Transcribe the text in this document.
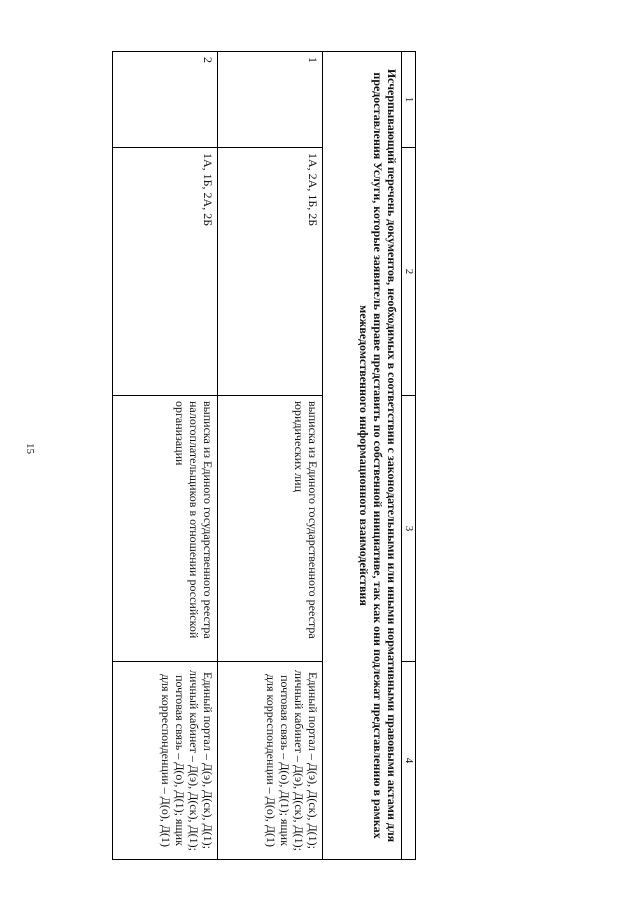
15
1	2	3	4
Исчерпывающий перечень документов, необходимых в соответствии с законодательными или иными нормативными правовыми актами для предоставления Услуги, которые заявитель вправе представить по собственной инициативе, так как они подлежат представлению в рамках межведомственного информационного взаимодействия			
1	1А, 2А, 1Б, 2Б	выписка из Единого государственного реестра юридических лиц	Единый портал – Д(э), Д(ск), Д(1); личный кабинет – Д(э), Д(ск), Д(1); почтовая связь – Д(о), Д(1); ящик для корреспонденции – Д(о), Д(1)
2	1А, 1Б, 2А, 2Б	выписка из Единого государственного реестра налогоплательщиков в отношении российской организации	Единый портал – Д(э), Д(ск), Д(1); личный кабинет – Д(э), Д(ск), Д(1); почтовая связь – Д(о), Д(1); ящик для корреспонденции – Д(о), Д(1)
